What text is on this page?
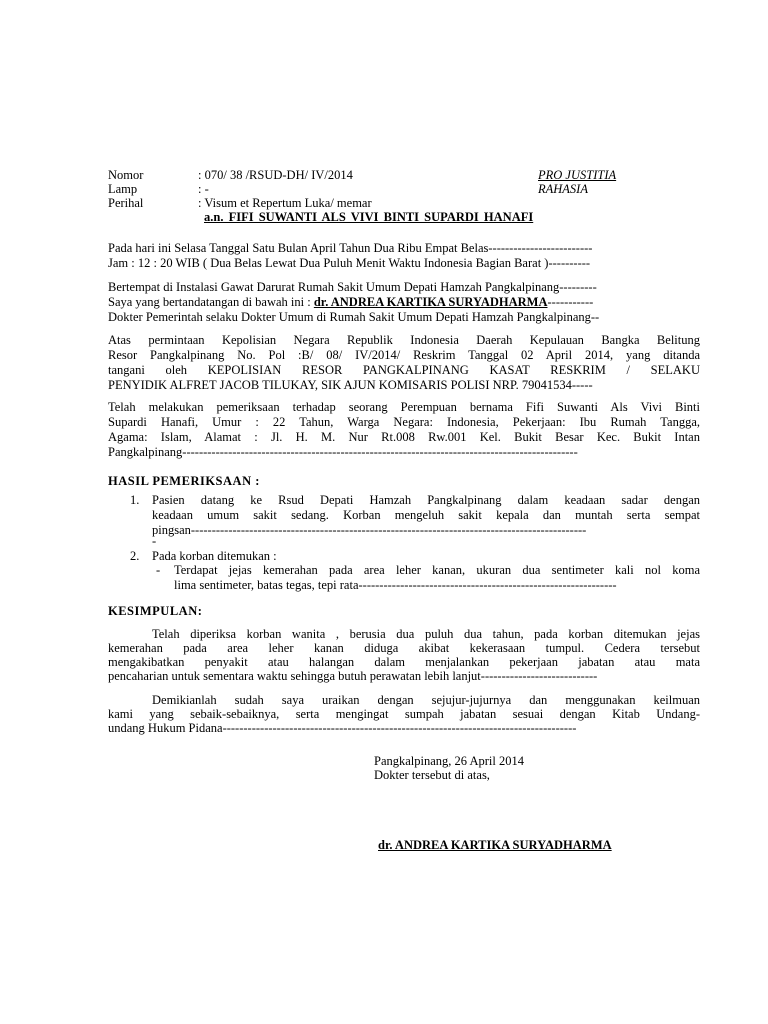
Nomor	: 070/ 38 /RSUD-DH/ IV/2014	PRO JUSTITIA
Lamp	: -	RAHASIA
Perihal	: Visum et Repertum Luka/ memar
a.n. FIFI SUWANTI ALS VIVI BINTI SUPARDI HANAFI
Pada hari ini Selasa Tanggal Satu Bulan April Tahun Dua Ribu Empat Belas-------------------------
Jam : 12 : 20 WIB ( Dua Belas Lewat Dua Puluh Menit Waktu Indonesia Bagian Barat )----------
Bertempat di Instalasi Gawat Darurat Rumah Sakit Umum Depati Hamzah Pangkalpinang---------
Saya yang bertandatangan di bawah ini : dr. ANDREA KARTIKA SURYADHARMA-----------
Dokter Pemerintah selaku Dokter Umum di Rumah Sakit Umum Depati Hamzah Pangkalpinang--
Atas permintaan Kepolisian Negara Republik Indonesia Daerah Kepulauan Bangka Belitung
Resor Pangkalpinang No. Pol :B/ 08/ IV/2014/ Reskrim Tanggal 02 April 2014, yang ditanda
tangani oleh KEPOLISIAN RESOR PANGKALPINANG KASAT RESKRIM / SELAKU
PENYIDIK ALFRET JACOB TILUKAY, SIK AJUN KOMISARIS POLISI NRP. 79041534-----
Telah melakukan pemeriksaan terhadap seorang Perempuan bernama Fifi Suwanti Als Vivi Binti
Supardi Hanafi, Umur : 22 Tahun, Warga Negara: Indonesia, Pekerjaan: Ibu Rumah Tangga,
Agama: Islam, Alamat : Jl. H. M. Nur Rt.008 Rw.001 Kel. Bukit Besar Kec. Bukit Intan
Pangkalpinang-----------------------------------------------------------------------------------------------
HASIL PEMERIKSAAN :
1. Pasien datang ke Rsud Depati Hamzah Pangkalpinang dalam keadaan sadar dengan
keadaan umum sakit sedang. Korban mengeluh sakit kepala dan muntah serta sempat
pingsan-----------------------------------------------------------------------------------------------
-
2. Pada korban ditemukan :
- Terdapat jejas kemerahan pada area leher kanan, ukuran dua sentimeter kali nol koma
lima sentimeter, batas tegas, tepi rata--------------------------------------------------------------
KESIMPULAN:
Telah diperiksa korban wanita , berusia dua puluh dua tahun, pada korban ditemukan jejas
kemerahan pada area leher kanan diduga akibat kekerasaan tumpul. Cedera tersebut
mengakibatkan penyakit atau halangan dalam menjalankan pekerjaan jabatan atau mata
pencaharian untuk sementara waktu sehingga butuh perawatan lebih lanjut----------------------------
Demikianlah sudah saya uraikan dengan sejujur-jujurnya dan menggunakan keilmuan
kami yang sebaik-sebaiknya, serta mengingat sumpah jabatan sesuai dengan Kitab Undang-
undang Hukum Pidana-------------------------------------------------------------------------------------
Pangkalpinang, 26 April 2014
Dokter tersebut di atas,
dr. ANDREA KARTIKA SURYADHARMA
